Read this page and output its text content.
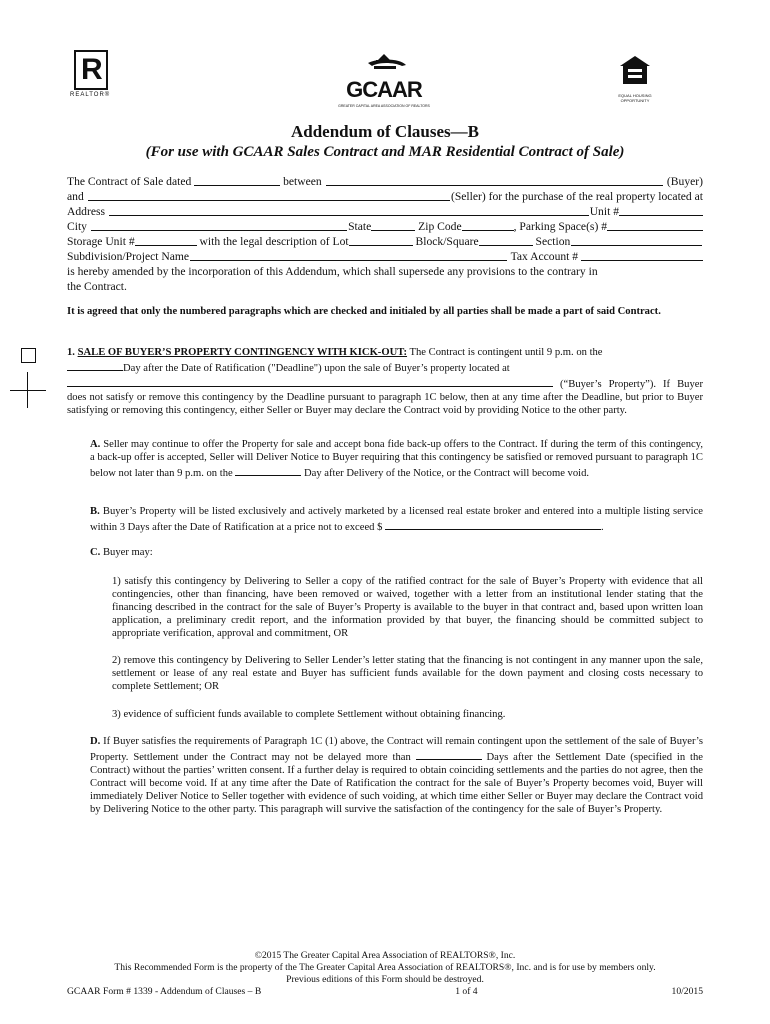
R
REALTOR®	GCAAR
GREATER CAPITAL AREA ASSOCIATION OF REALTORS
EQUAL HOUSING OPPORTUNITY
Addendum of Clauses—B
(For use with GCAAR Sales Contract and MAR Residential Contract of Sale)
The Contract of Sale dated	between	(Buyer)
and	(Seller) for the purchase of the real property located at
Address	Unit #
City	State	Zip Code	, Parking Space(s) #
Storage Unit #	with the legal description of Lot	Block/Square	Section
Subdivision/Project Name	Tax Account #
is hereby amended by the incorporation of this Addendum, which shall supersede any provisions to the contrary in
the Contract.
It is agreed that only the numbered paragraphs which are checked and initialed by all parties shall be made a part of said Contract.
1. SALE OF BUYER’S PROPERTY CONTINGENCY WITH KICK-OUT: The Contract is contingent until 9 p.m. on the
Day after the Date of Ratification ("Deadline") upon the sale of Buyer’s property located at
(“Buyer’s Property”). If Buyer does not satisfy or remove this contingency by the Deadline pursuant to paragraph 1C below, then at any time after the Deadline, but prior to Buyer satisfying or removing this contingency, either Seller or Buyer may declare the Contract void by providing Notice to the other party.
A. Seller may continue to offer the Property for sale and accept bona fide back-up offers to the Contract. If during the term of this contingency, a back-up offer is accepted, Seller will Deliver Notice to Buyer requiring that this contingency be satisfied or removed pursuant to paragraph 1C below not later than 9 p.m. on the	Day after Delivery of the Notice, or the Contract will become void.
B. Buyer’s Property will be listed exclusively and actively marketed by a licensed real estate broker and entered into a multiple listing service within 3 Days after the Date of Ratification at a price not to exceed $	.
C. Buyer may:
1) satisfy this contingency by Delivering to Seller a copy of the ratified contract for the sale of Buyer’s Property with evidence that all contingencies, other than financing, have been removed or waived, together with a letter from an institutional lender stating that the financing described in the contract for the sale of Buyer’s Property is available to the buyer in that contract and, based upon written loan application, a preliminary credit report, and the information provided by that buyer, the financing should be committed subject to appropriate verification, approval and commitment, OR
2) remove this contingency by Delivering to Seller Lender’s letter stating that the financing is not contingent in any manner upon the sale, settlement or lease of any real estate and Buyer has sufficient funds available for the down payment and closing costs necessary to complete Settlement; OR
3) evidence of sufficient funds available to complete Settlement without obtaining financing.
D. If Buyer satisfies the requirements of Paragraph 1C (1) above, the Contract will remain contingent upon the settlement of the sale of Buyer’s Property. Settlement under the Contract may not be delayed more than	Days after the Settlement Date (specified in the Contract) without the parties’ written consent. If a further delay is required to obtain coinciding settlements and the parties do not agree, then the Contract will become void. If at any time after the Date of Ratification the contract for the sale of Buyer’s Property becomes void, Buyer will immediately Deliver Notice to Seller together with evidence of such voiding, at which time either Seller or Buyer may declare the Contract void by Delivering Notice to the other party. This paragraph will survive the satisfaction of the contingency for the sale of Buyer’s Property.
©2015 The Greater Capital Area Association of REALTORS®, Inc.
This Recommended Form is the property of the The Greater Capital Area Association of REALTORS®, Inc. and is for use by members only.
Previous editions of this Form should be destroyed.
GCAAR Form # 1339 - Addendum of Clauses – B	1 of 4	10/2015
